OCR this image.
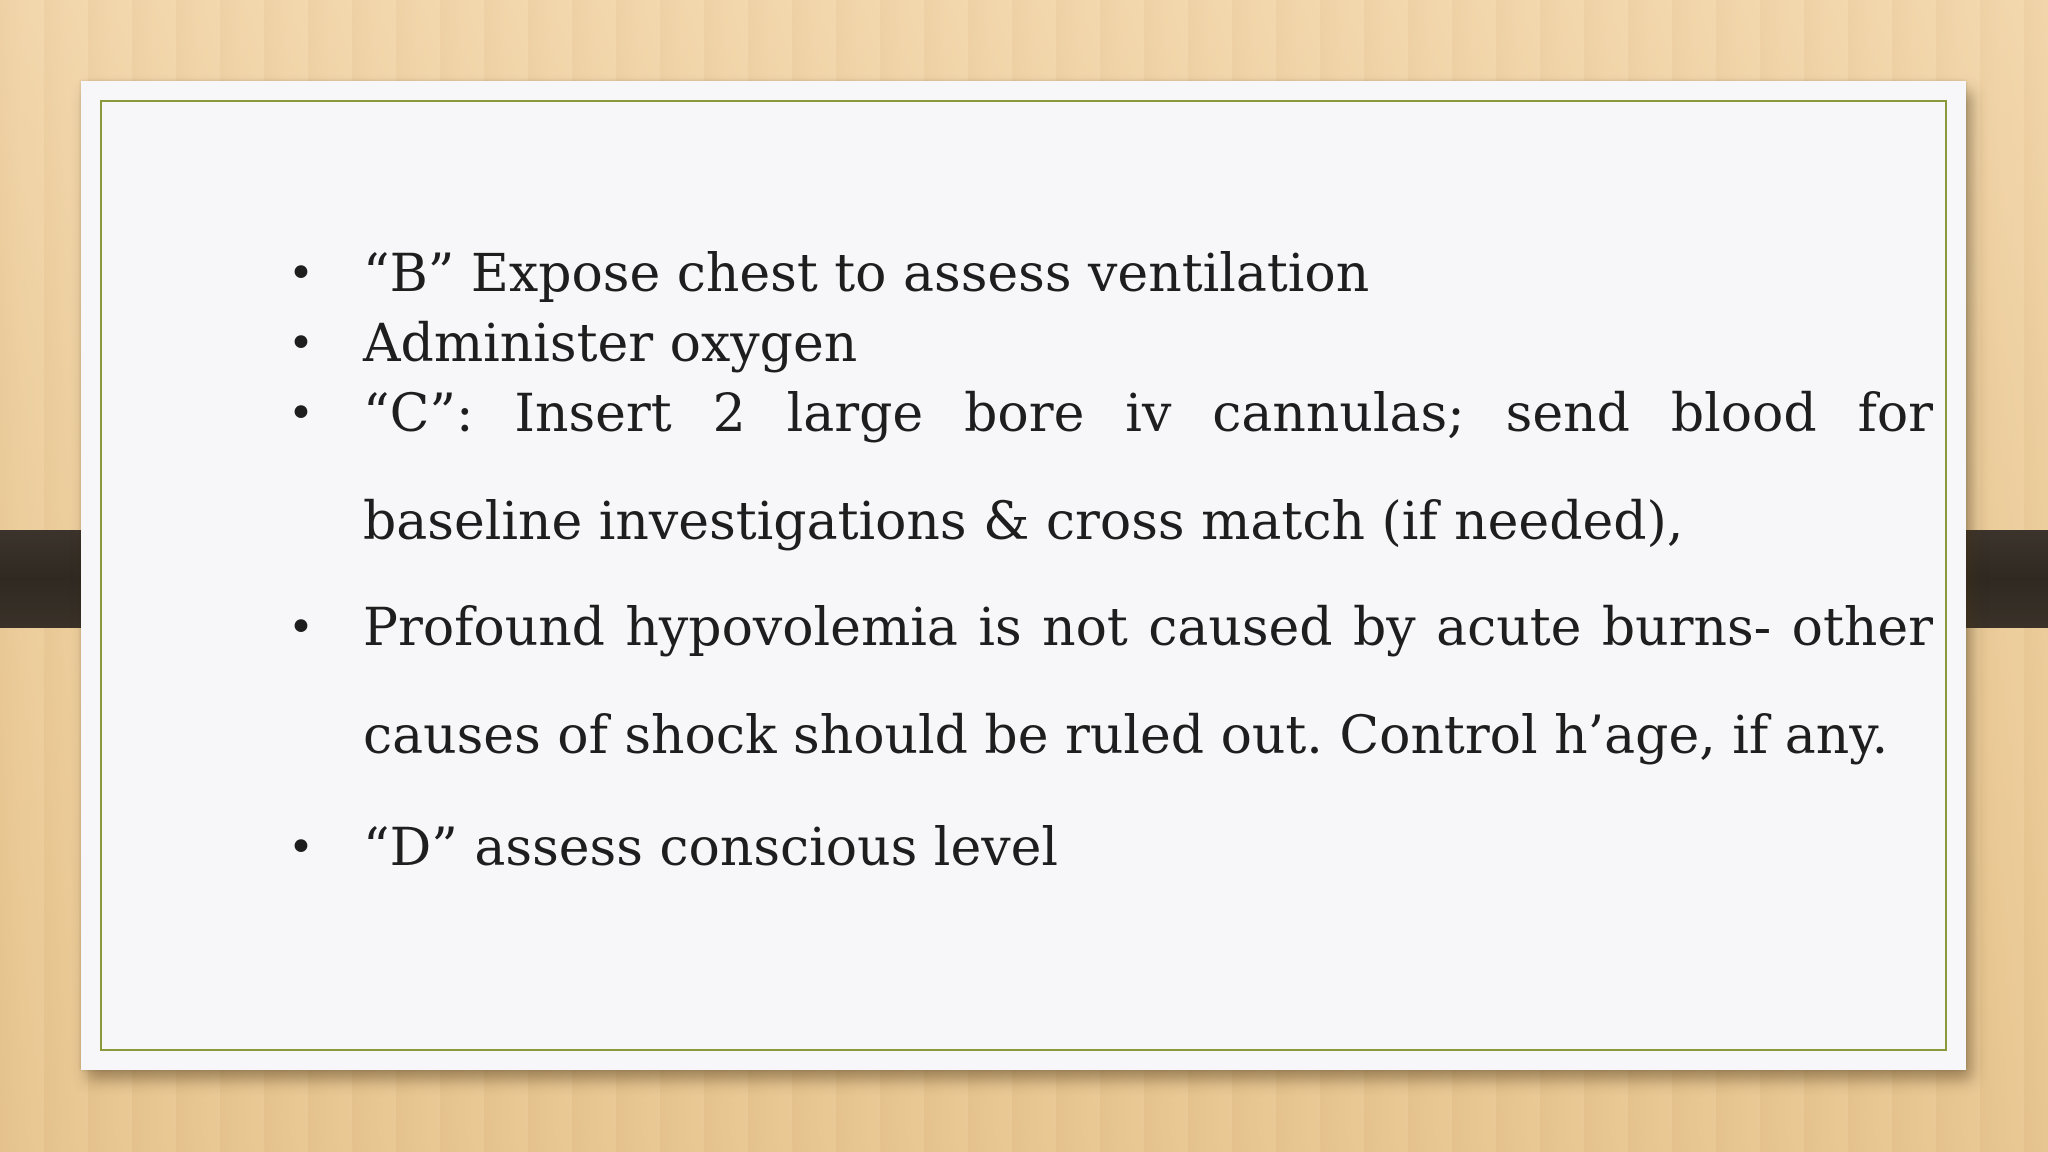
• “B” Expose chest to assess ventilation
• Administer oxygen
• “C”: Insert 2 large bore iv cannulas; send blood for baseline investigations & cross match (if needed),
• Profound hypovolemia is not caused by acute burns- other causes of shock should be ruled out. Control h’age, if any.
• “D” assess conscious level
